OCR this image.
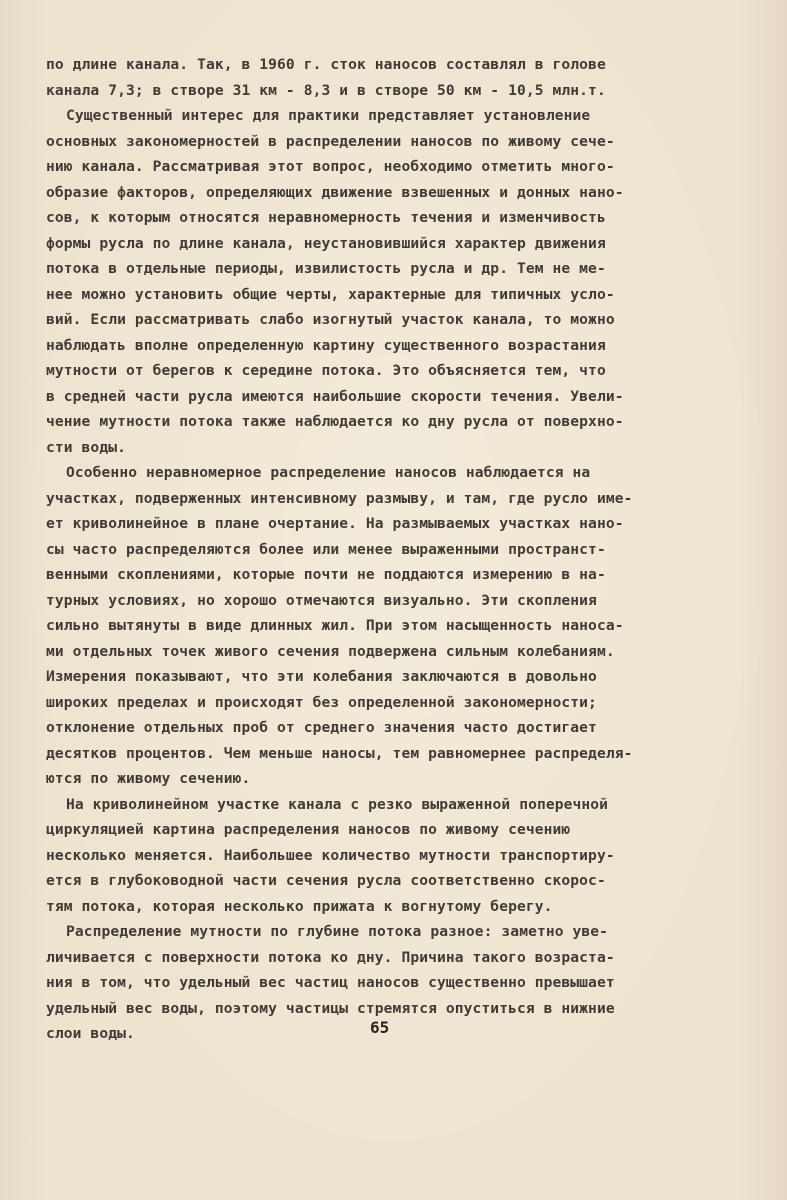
по длине канала. Так, в 1960 г. сток наносов составлял в голове
канала 7,3; в створе 31 км - 8,3 и в створе 50 км - 10,5 млн.т.
Существенный интерес для практики представляет установление
основных закономерностей в распределении наносов по живому сече-
нию канала. Рассматривая этот вопрос, необходимо отметить много-
образие факторов, определяющих движение взвешенных и донных нано-
сов, к которым относятся неравномерность течения и изменчивость
формы русла по длине канала, неустановившийся характер движения
потока в отдельные периоды, извилистость русла и др. Тем не ме-
нее можно установить общие черты, характерные для типичных усло-
вий. Если рассматривать слабо изогнутый участок канала, то можно
наблюдать вполне определенную картину существенного возрастания
мутности от берегов к середине потока. Это объясняется тем, что
в средней части русла имеются наибольшие скорости течения. Увели-
чение мутности потока также наблюдается ко дну русла от поверхно-
сти воды.
Особенно неравномерное распределение наносов наблюдается на
участках, подверженных интенсивному размыву, и там, где русло име-
ет криволинейное в плане очертание. На размываемых участках нано-
сы часто распределяются более или менее выраженными пространст-
венными скоплениями, которые почти не поддаются измерению в на-
турных условиях, но хорошо отмечаются визуально. Эти скопления
сильно вытянуты в виде длинных жил. При этом насыщенность наноса-
ми отдельных точек живого сечения подвержена сильным колебаниям.
Измерения показывают, что эти колебания заключаются в довольно
широких пределах и происходят без определенной закономерности;
отклонение отдельных проб от среднего значения часто достигает
десятков процентов. Чем меньше наносы, тем равномернее распределя-
ются по живому сечению.
На криволинейном участке канала с резко выраженной поперечной
циркуляцией картина распределения наносов по живому сечению
несколько меняется. Наибольшее количество мутности транспортиру-
ется в глубоководной части сечения русла соответственно скорос-
тям потока, которая несколько прижата к вогнутому берегу.
Распределение мутности по глубине потока разное: заметно уве-
личивается с поверхности потока ко дну. Причина такого возраста-
ния в том, что удельный вес частиц наносов существенно превышает
удельный вес воды, поэтому частицы стремятся опуститься в нижние
слои воды.	65
